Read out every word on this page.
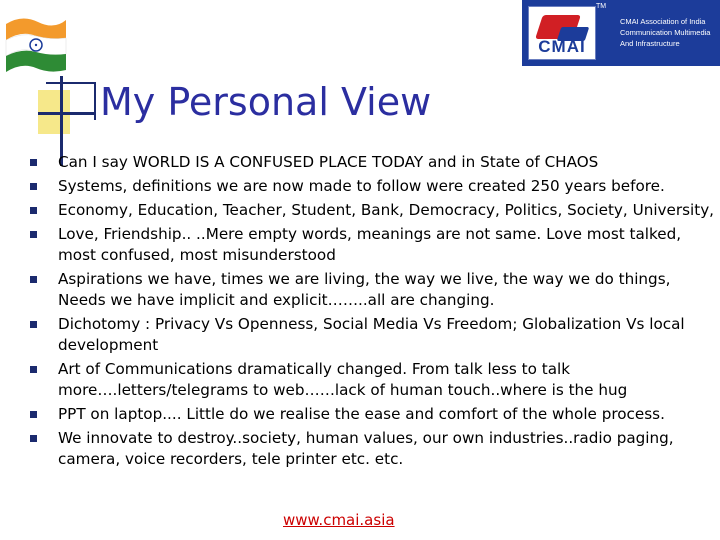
CMAI
TM
CMAI Association of India
Communication Multimedia
And Infrastructure
My Personal View
Can I say WORLD IS A CONFUSED PLACE TODAY and in State of CHAOS
Systems, definitions we are now made to follow were created 250 years before.
Economy, Education, Teacher, Student, Bank, Democracy, Politics, Society, University,
Love, Friendship.. ..Mere empty words, meanings are not same. Love most talked, most confused, most misunderstood
Aspirations we have, times we are living, the way we live, the way we do things, Needs we have implicit and explicit……..all are changing.
Dichotomy : Privacy Vs Openness, Social Media Vs Freedom; Globalization Vs local development
Art of Communications dramatically changed. From talk less to talk more….letters/telegrams to web……lack of human touch..where is the hug
PPT on laptop.... Little do we realise the ease and comfort of the whole process.
We innovate to destroy..society, human values, our own industries..radio paging, camera, voice recorders, tele printer etc. etc.
www.cmai.asia
